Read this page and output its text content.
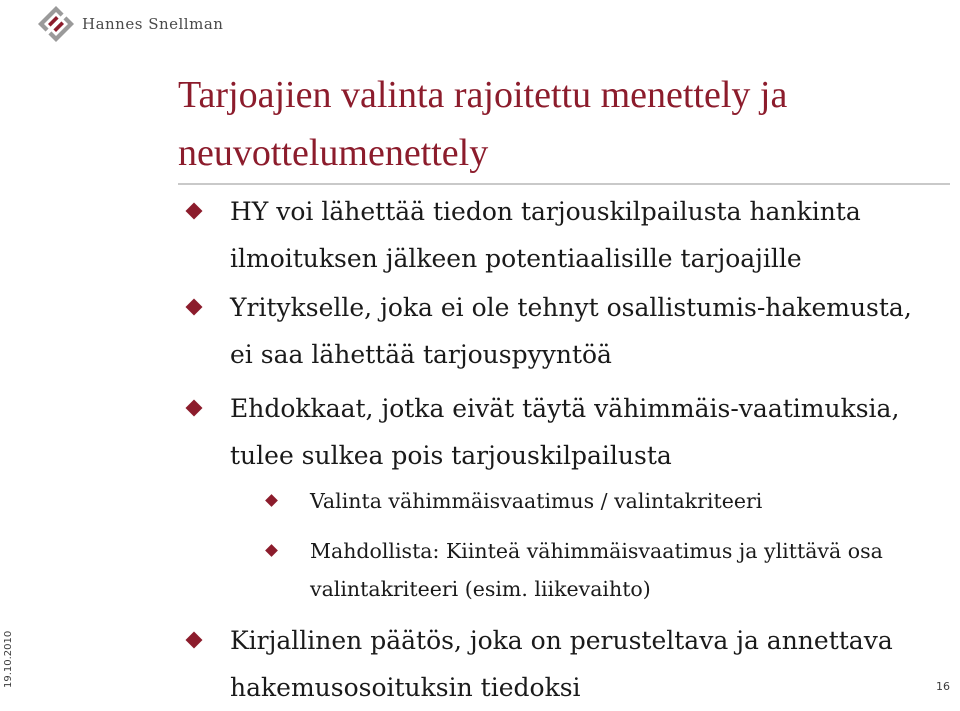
Hannes Snellman
Tarjoajien valinta rajoitettu menettely ja
neuvottelumenettely
HY voi lähettää tiedon tarjouskilpailusta hankinta ilmoituksen jälkeen potentiaalisille tarjoajille
Yritykselle, joka ei ole tehnyt osallistumis-hakemusta, ei saa lähettää tarjouspyyntöä
Ehdokkaat, jotka eivät täytä vähimmäis-vaatimuksia, tulee sulkea pois tarjouskilpailusta
Valinta vähimmäisvaatimus / valintakriteeri
Mahdollista: Kiinteä vähimmäisvaatimus ja ylittävä osa valintakriteeri (esim. liikevaihto)
Kirjallinen päätös, joka on perusteltava ja annettava hakemusosoituksin tiedoksi
19.10.2010	16
